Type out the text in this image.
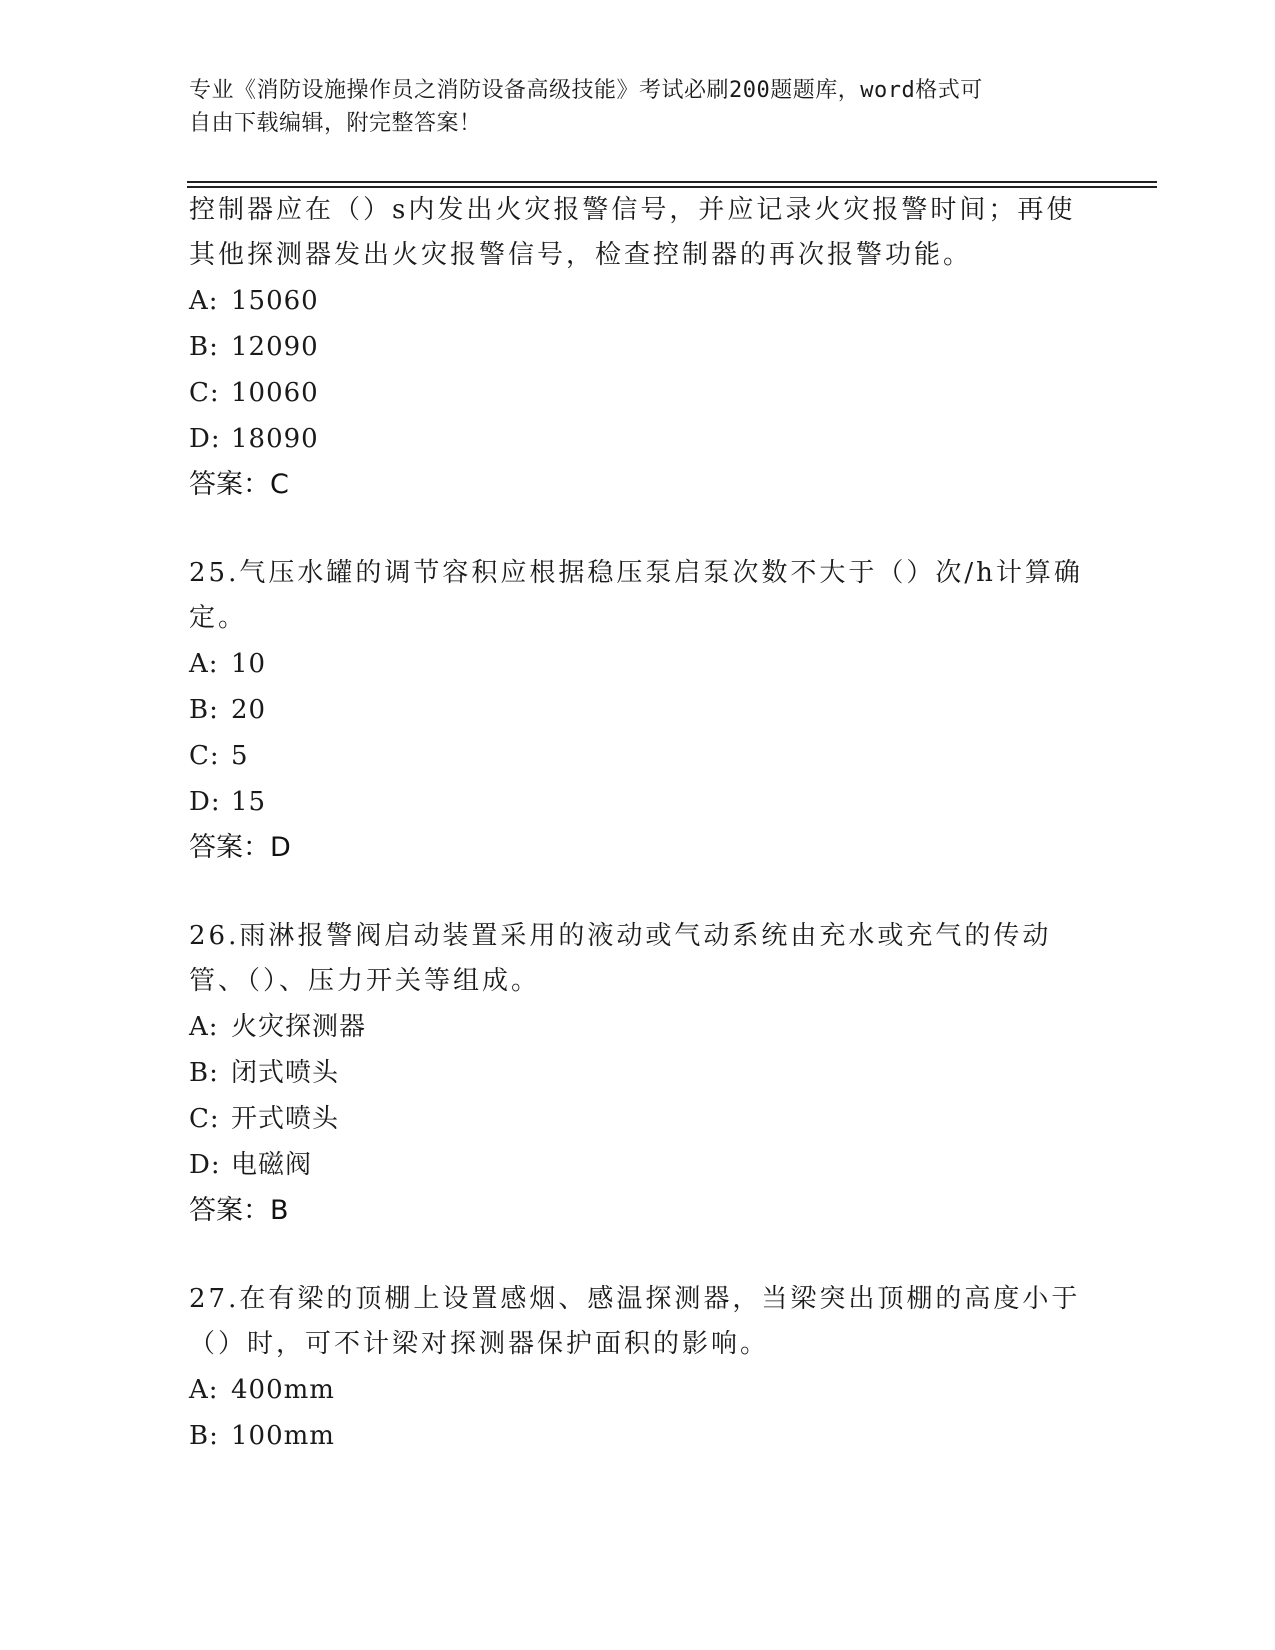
专业《消防设施操作员之消防设备高级技能》考试必刷200题题库，word格式可
自由下载编辑，附完整答案！

控制器应在（）s内发出火灾报警信号，并应记录火灾报警时间；再使其他探测器发出火灾报警信号，检查控制器的再次报警功能。

A: 15060
B: 12090
C: 10060
D: 18090
答案：C

25.气压水罐的调节容积应根据稳压泵启泵次数不大于（）次/h计算确定。

A: 10
B: 20
C: 5
D: 15
答案：D

26.雨淋报警阀启动装置采用的液动或气动系统由充水或充气的传动管、（）、压力开关等组成。

A: 火灾探测器
B: 闭式喷头
C: 开式喷头
D: 电磁阀
答案：B

27.在有梁的顶棚上设置感烟、感温探测器，当梁突出顶棚的高度小于（）时，可不计梁对探测器保护面积的影响。

A: 400mm
B: 100mm
